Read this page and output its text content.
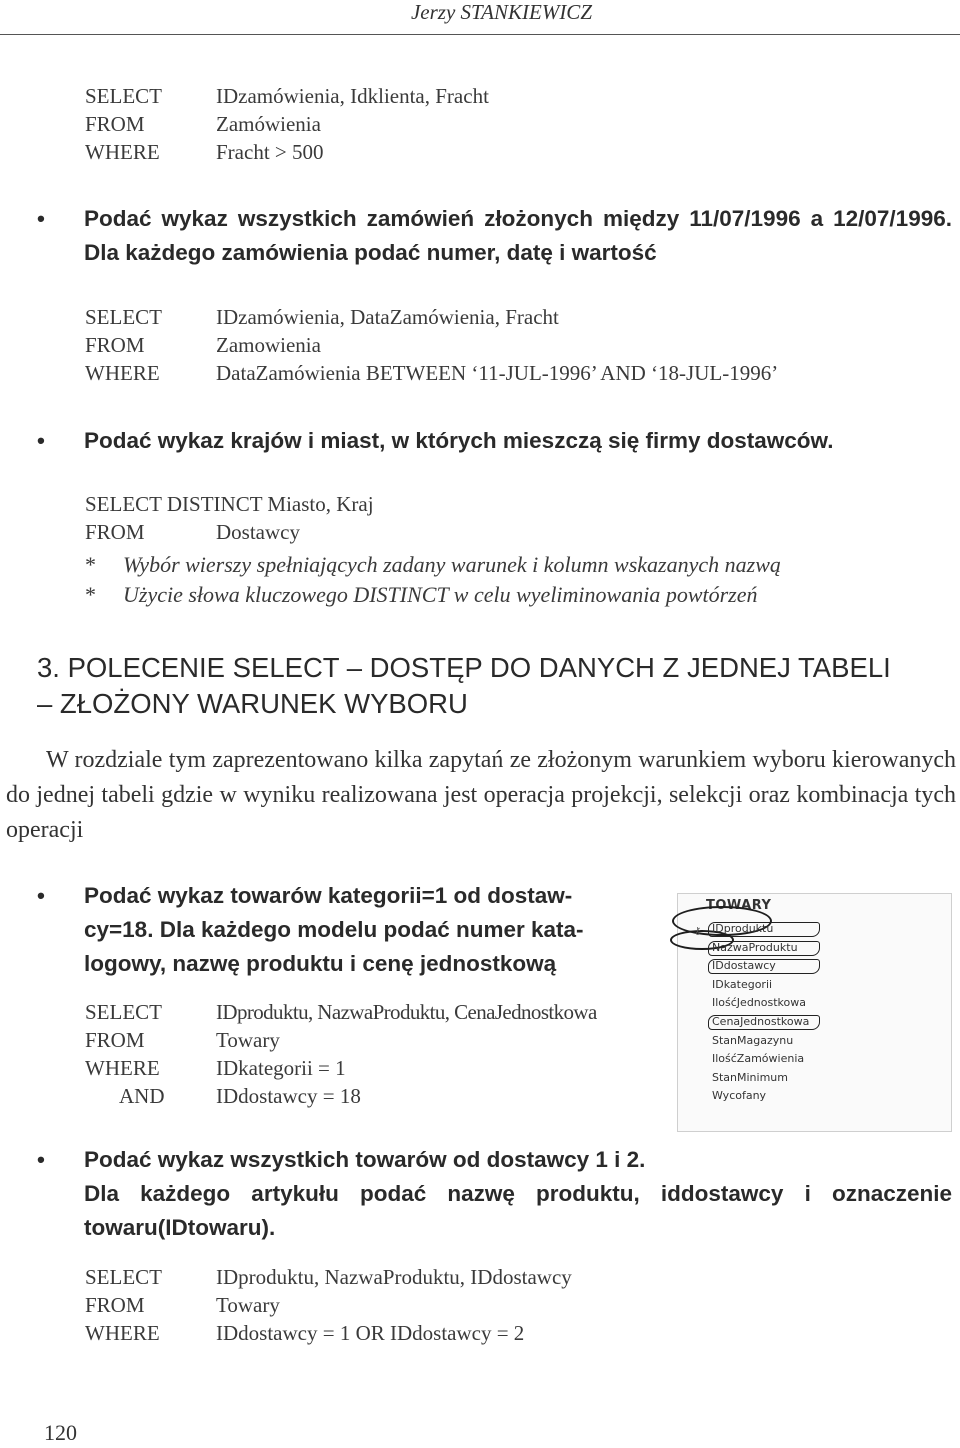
Jerzy STANKIEWICZ
SELECT	IDzamówienia, Idklienta, Fracht
FROM	Zamówienia
WHERE	Fracht > 500
• Podać wykaz wszystkich zamówień złożonych między 11/07/1996 a 12/07/1996. Dla każdego zamówienia podać numer, datę i wartość
SELECT	IDzamówienia, DataZamówienia, Fracht
FROM	Zamowienia
WHERE	DataZamówienia BETWEEN ‘11-JUL-1996’ AND ‘18-JUL-1996’
• Podać wykaz krajów i miast, w których mieszczą się firmy dostawców.
SELECT DISTINCT Miasto, Kraj
FROM	Dostawcy
* Wybór wierszy spełniających zadany warunek i kolumn wskazanych nazwą
* Użycie słowa kluczowego DISTINCT w celu wyeliminowania powtórzeń
3. POLECENIE SELECT – DOSTĘP DO DANYCH Z JEDNEJ TABELI
– ZŁOŻONY WARUNEK WYBORU
W rozdziale tym zaprezentowano kilka zapytań ze złożonym warunkiem wyboru kierowanych do jednej tabeli gdzie w wyniku realizowana jest operacja projekcji, selekcji oraz kombinacja tych operacji
• Podać wykaz towarów kategorii=1 od dostaw-
cy=18. Dla każdego modelu podać numer kata-
logowy, nazwę produktu i cenę jednostkową
SELECT	IDproduktu, NazwaProduktu, CenaJednostkowa
FROM	Towary
WHERE	IDkategorii = 1
AND	IDdostawcy = 18
TOWARY
⚷ IDproduktu
NazwaProduktu
IDdostawcy
IDkategorii
IlośćJednostkowa
CenaJednostkowa
StanMagazynu
IlośćZamówienia
StanMinimum
Wycofany
• Podać wykaz wszystkich towarów od dostawcy 1 i 2.
Dla każdego artykułu podać nazwę produktu, iddostawcy i oznaczenie towaru(IDtowaru).
SELECT	IDproduktu, NazwaProduktu, IDdostawcy
FROM	Towary
WHERE	IDdostawcy = 1 OR IDdostawcy = 2
120
